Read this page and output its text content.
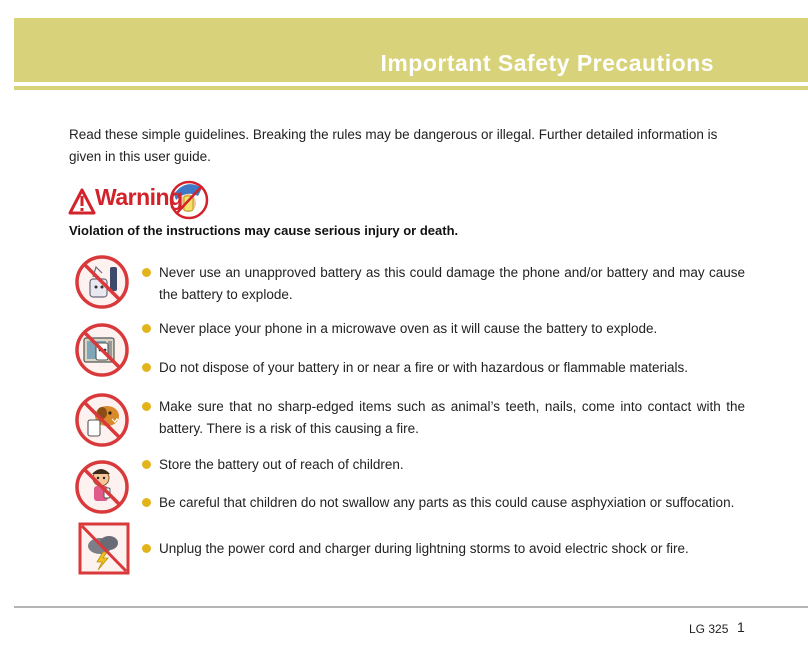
Important Safety Precautions

Read these simple guidelines. Breaking the rules may be dangerous or illegal. Further detailed information is given in this user guide.

Warning

Violation of the instructions may cause serious injury or death.

Never use an unapproved battery as this could damage the phone and/or battery and may cause the battery to explode.
Never place your phone in a microwave oven as it will cause the battery to explode.
Do not dispose of your battery in or near a fire or with hazardous or flammable materials.
Make sure that no sharp-edged items such as animal’s teeth, nails, come into contact with the battery. There is a risk of this causing a fire.
Store the battery out of reach of children.
Be careful that children do not swallow any parts as this could cause asphyxiation or suffocation.
Unplug the power cord and charger during lightning storms to avoid electric shock or fire.
LG 325 1
